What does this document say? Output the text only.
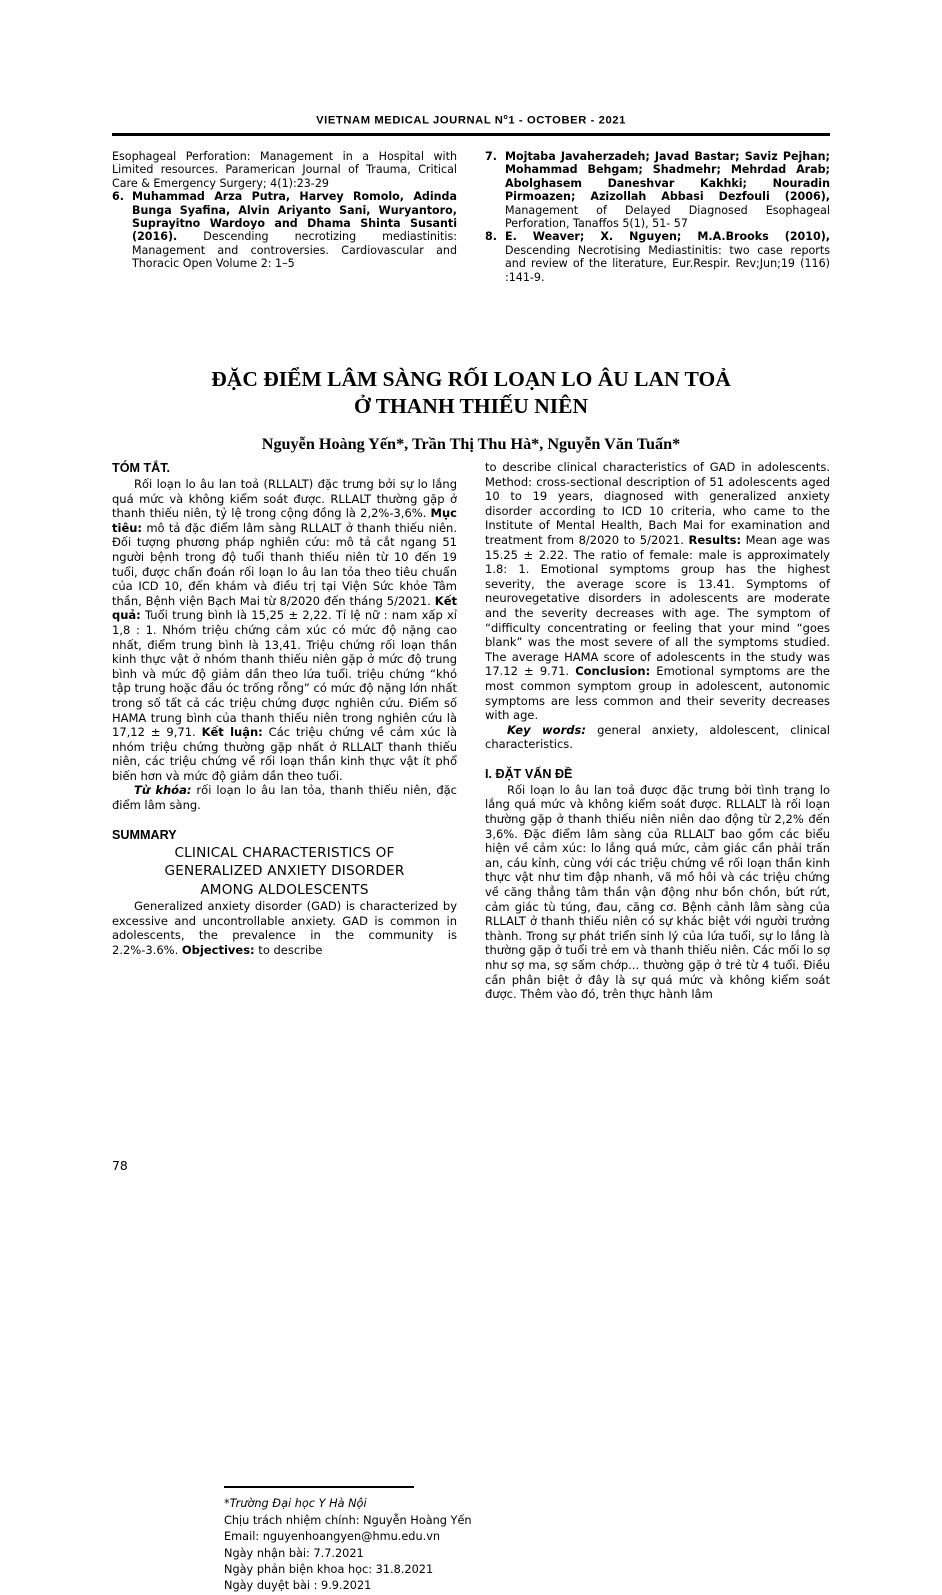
VIETNAM MEDICAL JOURNAL $N^o1$ - OCTOBER - 2021

Esophageal Perforation: Management in a Hospital with Limited resources. Paramerican Journal of Trauma, Critical Care & Emergency Surgery; 4(1):23-29

6. Muhammad Arza Putra, Harvey Romolo, Adinda Bunga Syafina, Alvin Ariyanto Sani, Wuryantoro, Suprayitno Wardoyo and Dhama Shinta Susanti (2016). Descending necrotizing mediastinitis: Management and controversies. Cardiovascular and Thoracic Open Volume 2: 1–5

7. Mojtaba Javaherzadeh; Javad Bastar; Saviz Pejhan; Mohammad Behgam; Shadmehr; Mehrdad Arab; Abolghasem Daneshvar Kakhki; Nouradin Pirmoazen; Azizollah Abbasi Dezfouli (2006), Management of Delayed Diagnosed Esophageal Perforation, Tanaffos 5(1), 51- 57

8. E. Weaver; X. Nguyen; M.A.Brooks (2010), Descending Necrotising Mediastinitis: two case reports and review of the literature, Eur.Respir. Rev;Jun;19 (116) :141-9.

ĐẶC ĐIỂM LÂM SÀNG RỐI LOẠN LO ÂU LAN TOẢ
Ở THANH THIẾU NIÊN

Nguyễn Hoàng Yến*, Trần Thị Thu Hà*, Nguyễn Văn Tuấn*

TÓM TẮT.

Rối loạn lo âu lan toả (RLLALT) đặc trưng bởi sự lo lắng quá mức và không kiểm soát được. RLLALT thường gặp ở thanh thiếu niên, tỷ lệ trong cộng đồng là 2,2%-3,6%. Mục tiêu: mô tả đặc điểm lâm sàng RLLALT ở thanh thiếu niên. Đối tượng phương pháp nghiên cứu: mô tả cắt ngang 51 người bệnh trong độ tuổi thanh thiếu niên từ 10 đến 19 tuổi, được chẩn đoán rối loạn lo âu lan tỏa theo tiêu chuẩn của ICD 10, đến khám và điều trị tại Viện Sức khỏe Tâm thần, Bệnh viện Bạch Mai từ 8/2020 đến tháng 5/2021. Kết quả: Tuổi trung bình là 15,25 ± 2,22. Tỉ lệ nữ : nam xấp xỉ 1,8 : 1. Nhóm triệu chứng cảm xúc có mức độ nặng cao nhất, điểm trung bình là 13,41. Triệu chứng rối loạn thần kinh thực vật ở nhóm thanh thiếu niên gặp ở mức độ trung bình và mức độ giảm dần theo lứa tuổi. triệu chứng “khó tập trung hoặc đầu óc trống rỗng” có mức độ nặng lớn nhất trong số tất cả các triệu chứng được nghiên cứu. Điểm số HAMA trung bình của thanh thiếu niên trong nghiên cứu là 17,12 ± 9,71. Kết luận: Các triệu chứng về cảm xúc là nhóm triệu chứng thường gặp nhất ở RLLALT thanh thiếu niên, các triệu chứng về rối loạn thần kinh thực vật ít phổ biến hơn và mức độ giảm dần theo tuổi.

Từ khóa: rối loạn lo âu lan tỏa, thanh thiếu niên, đặc điểm lâm sàng.

SUMMARY

CLINICAL CHARACTERISTICS OF
GENERALIZED ANXIETY DISORDER
AMONG ALDOLESCENTS

Generalized anxiety disorder (GAD) is characterized by excessive and uncontrollable anxiety. GAD is common in adolescents, the prevalence in the community is 2.2%-3.6%. Objectives: to describe

*Trường Đại học Y Hà Nội

Chịu trách nhiệm chính: Nguyễn Hoàng Yến

Email: nguyenhoangyen@hmu.edu.vn

Ngày nhận bài: 7.7.2021

Ngày phản biện khoa học: 31.8.2021

Ngày duyệt bài : 9.9.2021

to describe clinical characteristics of GAD in adolescents. Method: cross-sectional description of 51 adolescents aged 10 to 19 years, diagnosed with generalized anxiety disorder according to ICD 10 criteria, who came to the Institute of Mental Health, Bach Mai for examination and treatment from 8/2020 to 5/2021. Results: Mean age was 15.25 ± 2.22. The ratio of female: male is approximately 1.8: 1. Emotional symptoms group has the highest severity, the average score is 13.41. Symptoms of neurovegetative disorders in adolescents are moderate and the severity decreases with age. The symptom of “difficulty concentrating or feeling that your mind “goes blank” was the most severe of all the symptoms studied. The average HAMA score of adolescents in the study was 17.12 ± 9.71. Conclusion: Emotional symptoms are the most common symptom group in adolescent, autonomic symptoms are less common and their severity decreases with age.

Key words: general anxiety, aldolescent, clinical characteristics.

I. ĐẶT VẤN ĐỀ

Rối loạn lo âu lan toả được đặc trưng bởi tình trạng lo lắng quá mức và không kiểm soát được. RLLALT là rối loạn thường gặp ở thanh thiếu niên niên dao động từ 2,2% đến 3,6%. Đặc điểm lâm sàng của RLLALT bao gồm các biểu hiện về cảm xúc: lo lắng quá mức, cảm giác cần phải trấn an, cáu kỉnh, cùng với các triệu chứng về rối loạn thần kinh thực vật như tim đập nhanh, vã mồ hôi và các triệu chứng về căng thẳng tâm thần vận động như bồn chồn, bứt rứt, cảm giác tù túng, đau, căng cơ. Bệnh cảnh lâm sàng của RLLALT ở thanh thiếu niên có sự khác biệt với người trưởng thành. Trong sự phát triển sinh lý của lứa tuổi, sự lo lắng là thường gặp ở tuổi trẻ em và thanh thiếu niên. Các mối lo sợ như sợ ma, sợ sấm chớp... thường gặp ở trẻ từ 4 tuổi. Điều cần phân biệt ở đây là sự quá mức và không kiểm soát được. Thêm vào đó, trên thực hành lâm

78
